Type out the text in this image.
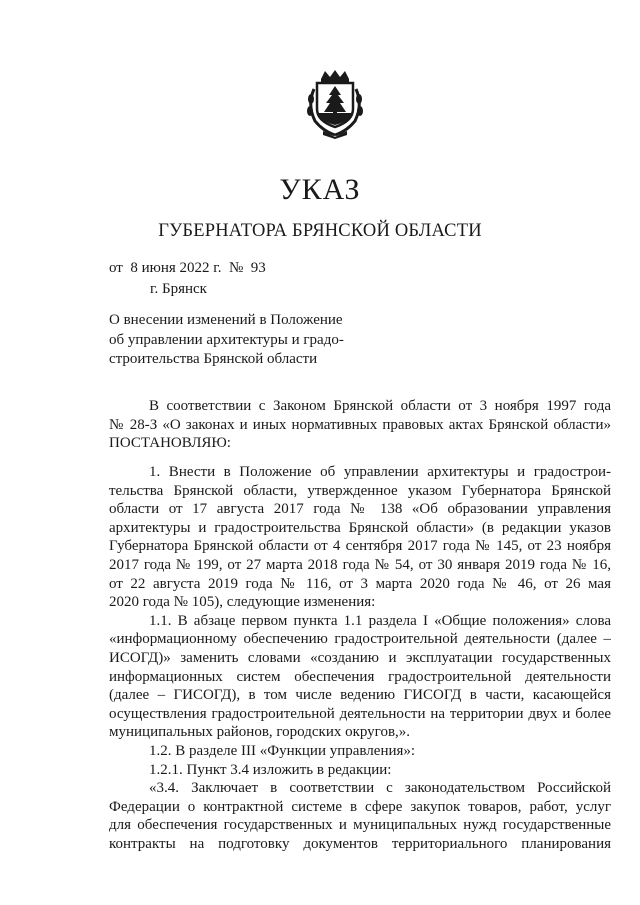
УКАЗ
ГУБЕРНАТОРА БРЯНСКОЙ ОБЛАСТИ
от  8 июня 2022 г.  №  93
г. Брянск
О внесении изменений в Положение
об управлении архитектуры и градо-
строительства Брянской области
В соответствии с Законом Брянской области от 3 ноября 1997 года
№ 28-З «О законах и иных нормативных правовых актах Брянской области»
ПОСТАНОВЛЯЮ:
1. Внести в Положение об управлении архитектуры и градострои-
тельства Брянской области, утвержденное указом Губернатора Брянской
области от 17 августа 2017 года № 138 «Об образовании управления
архитектуры и градостроительства Брянской области» (в редакции указов
Губернатора Брянской области от 4 сентября 2017 года № 145, от 23 ноября
2017 года № 199, от 27 марта 2018 года № 54, от 30 января 2019 года № 16,
от 22 августа 2019 года № 116, от 3 марта 2020 года № 46, от 26 мая
2020 года № 105), следующие изменения:
1.1. В абзаце первом пункта 1.1 раздела I «Общие положения» слова
«информационному обеспечению градостроительной деятельности (далее –
ИСОГД)» заменить словами «созданию и эксплуатации государственных
информационных систем обеспечения градостроительной деятельности
(далее – ГИСОГД), в том числе ведению ГИСОГД в части, касающейся
осуществления градостроительной деятельности на территории двух и более
муниципальных районов, городских округов,».
1.2. В разделе III «Функции управления»:
1.2.1. Пункт 3.4 изложить в редакции:
«3.4. Заключает в соответствии с законодательством Российской
Федерации о контрактной системе в сфере закупок товаров, работ, услуг
для обеспечения государственных и муниципальных нужд государственные
контракты на подготовку документов территориального планирования
